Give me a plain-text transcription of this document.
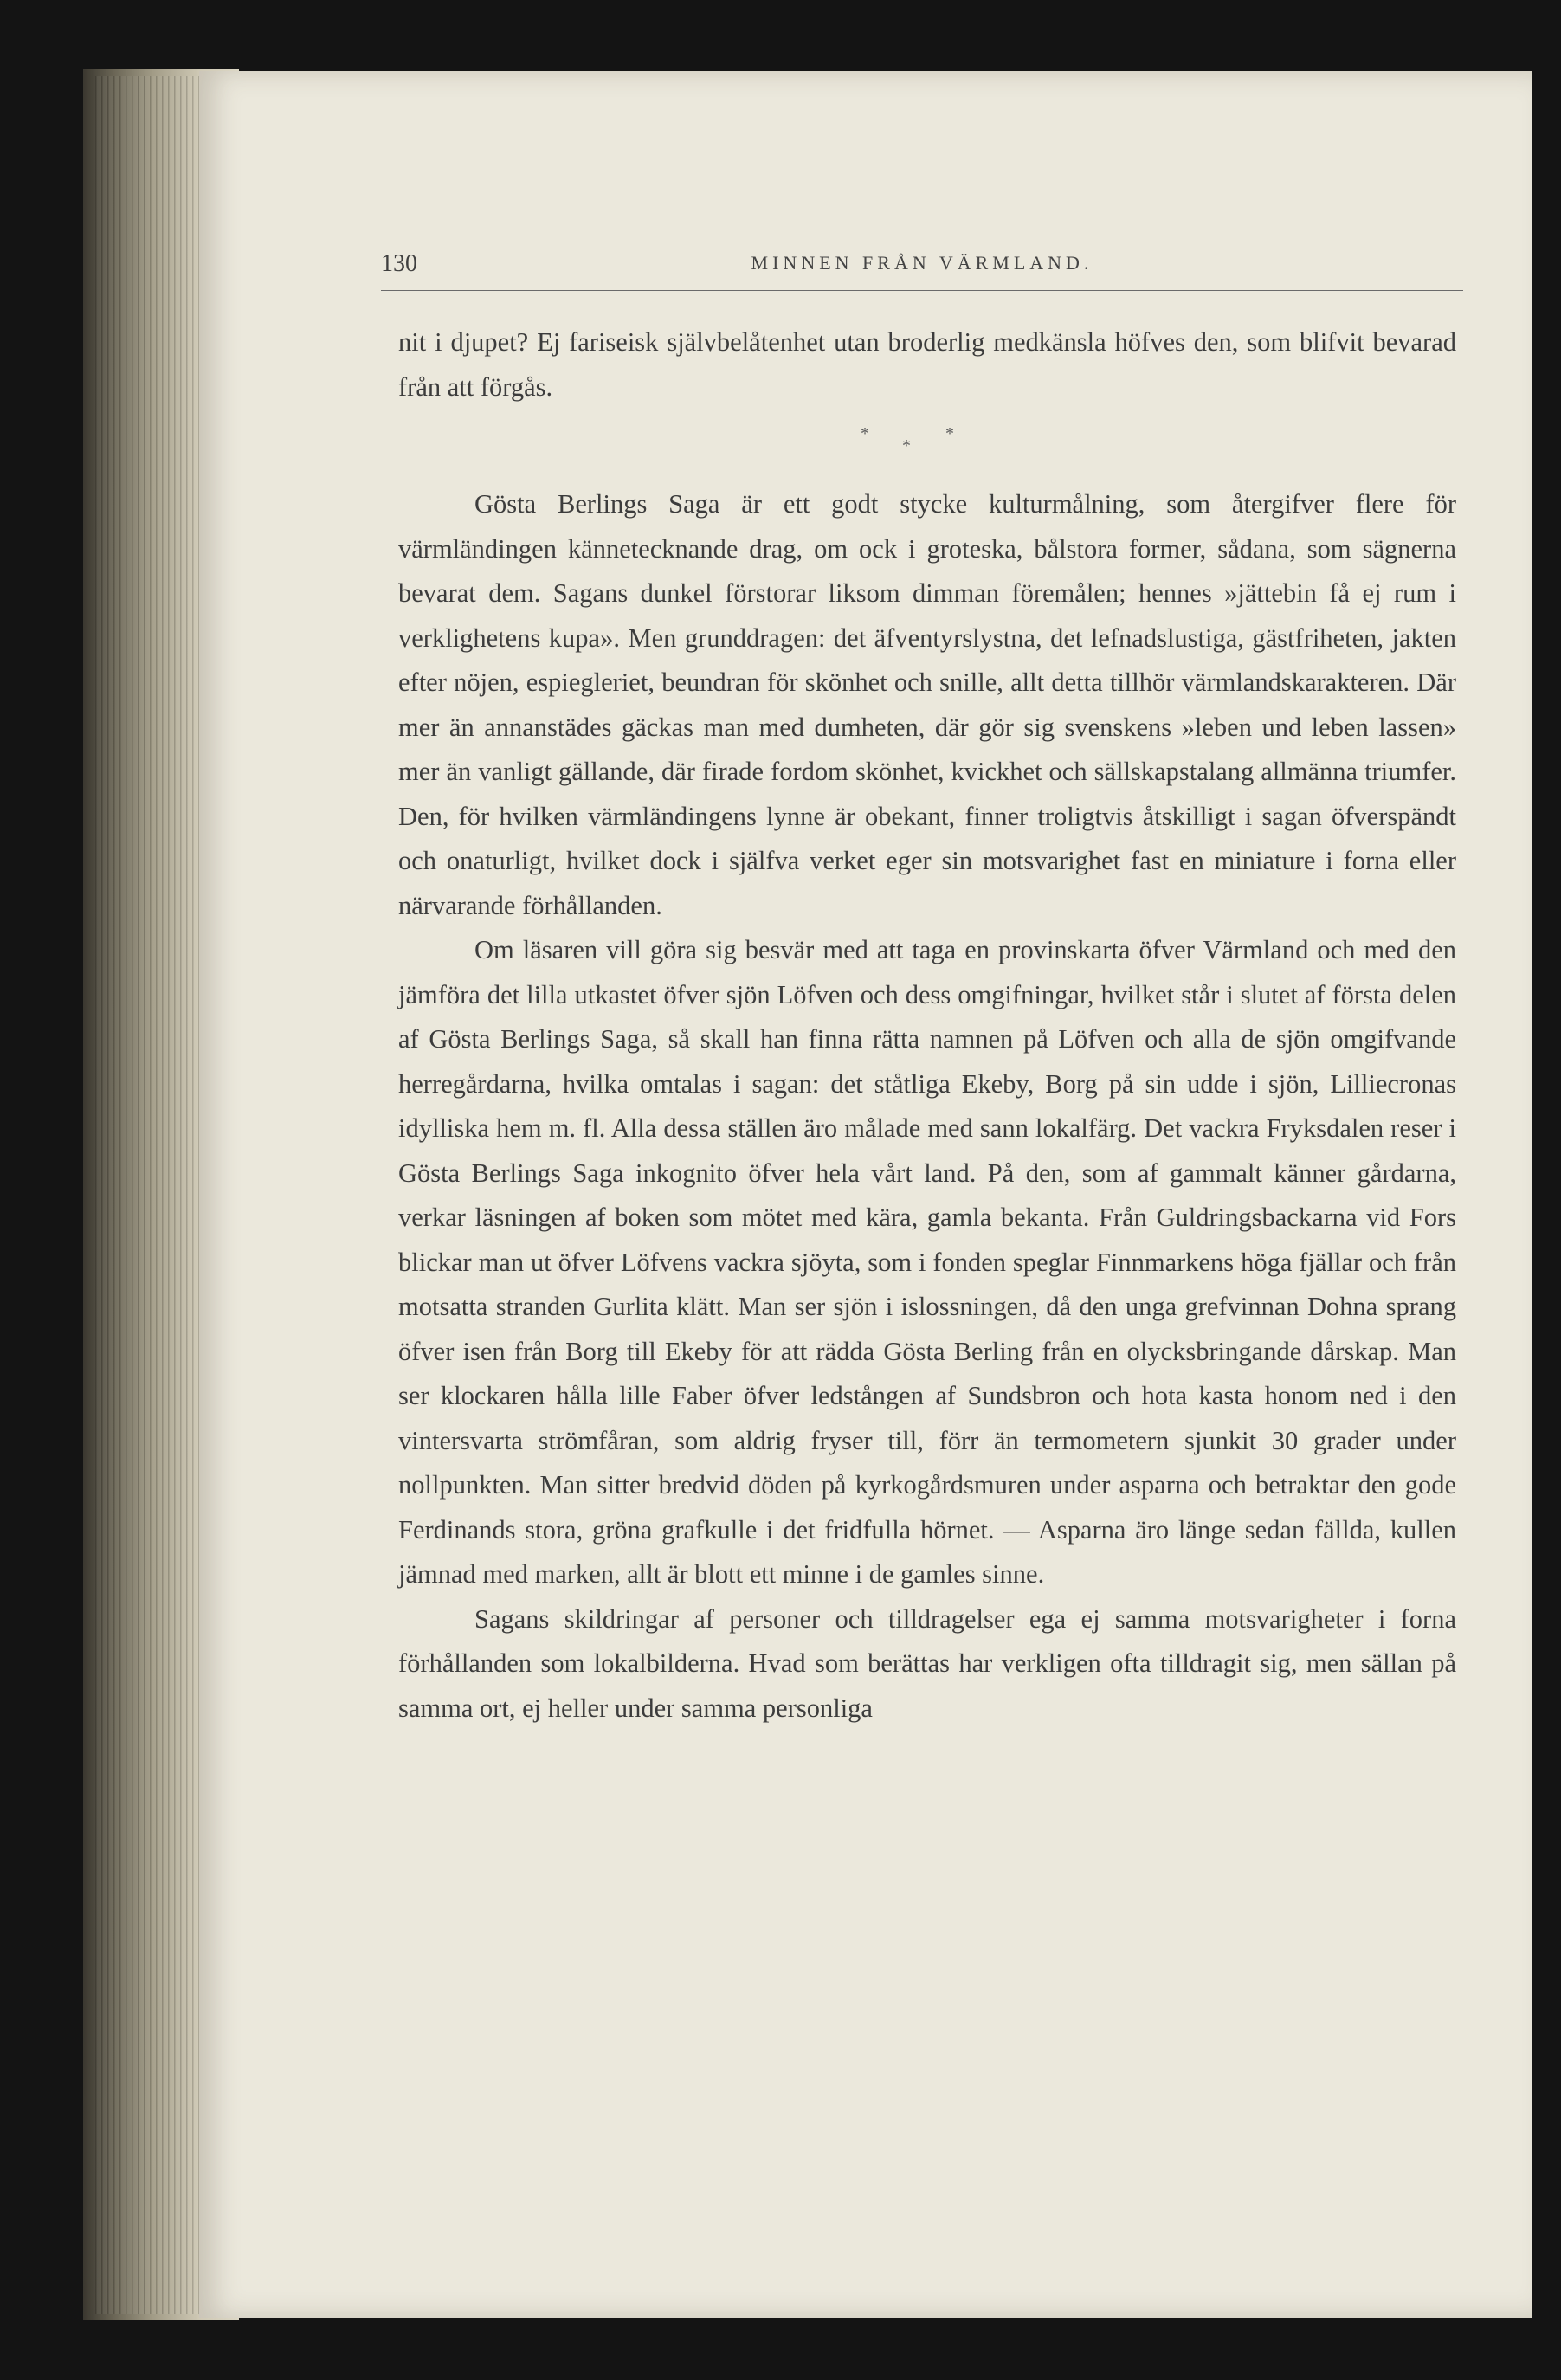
130	MINNEN FRÅN VÄRMLAND.

nit i djupet? Ej fariseisk självbelåtenhet utan broderlig medkänsla höfves den, som blifvit bevarad från att förgås.

*
*
*

Gösta Berlings Saga är ett godt stycke kulturmålning, som återgifver flere för värmländingen kännetecknande drag, om ock i groteska, bålstora former, sådana, som sägnerna bevarat dem. Sagans dunkel förstorar liksom dimman föremålen; hennes »jättebin få ej rum i verklighetens kupa». Men grunddragen: det äfventyrslystna, det lefnadslustiga, gästfriheten, jakten efter nöjen, espiegleriet, beundran för skönhet och snille, allt detta tillhör värmlandskarakteren. Där mer än annanstädes gäckas man med dumheten, där gör sig svenskens »leben und leben lassen» mer än vanligt gällande, där firade fordom skönhet, kvickhet och sällskapstalang allmänna triumfer. Den, för hvilken värmländingens lynne är obekant, finner troligtvis åtskilligt i sagan öfverspändt och onaturligt, hvilket dock i själfva verket eger sin motsvarighet fast en miniature i forna eller närvarande förhållanden.

Om läsaren vill göra sig besvär med att taga en provinskarta öfver Värmland och med den jämföra det lilla utkastet öfver sjön Löfven och dess omgifningar, hvilket står i slutet af första delen af Gösta Berlings Saga, så skall han finna rätta namnen på Löfven och alla de sjön omgifvande herregårdarna, hvilka omtalas i sagan: det ståtliga Ekeby, Borg på sin udde i sjön, Lilliecronas idylliska hem m. fl. Alla dessa ställen äro målade med sann lokalfärg. Det vackra Fryksdalen reser i Gösta Berlings Saga inkognito öfver hela vårt land. På den, som af gammalt känner gårdarna, verkar läsningen af boken som mötet med kära, gamla bekanta. Från Guldringsbackarna vid Fors blickar man ut öfver Löfvens vackra sjöyta, som i fonden speglar Finnmarkens höga fjällar och från motsatta stranden Gurlita klätt. Man ser sjön i islossningen, då den unga grefvinnan Dohna sprang öfver isen från Borg till Ekeby för att rädda Gösta Berling från en olycksbringande dårskap. Man ser klockaren hålla lille Faber öfver ledstången af Sundsbron och hota kasta honom ned i den vintersvarta strömfåran, som aldrig fryser till, förr än termometern sjunkit 30 grader under nollpunkten. Man sitter bredvid döden på kyrkogårdsmuren under asparna och betraktar den gode Ferdinands stora, gröna grafkulle i det fridfulla hörnet. — Asparna äro länge sedan fällda, kullen jämnad med marken, allt är blott ett minne i de gamles sinne.

Sagans skildringar af personer och tilldragelser ega ej samma motsvarigheter i forna förhållanden som lokalbilderna. Hvad som berättas har verkligen ofta tilldragit sig, men sällan på samma ort, ej heller under samma personliga
